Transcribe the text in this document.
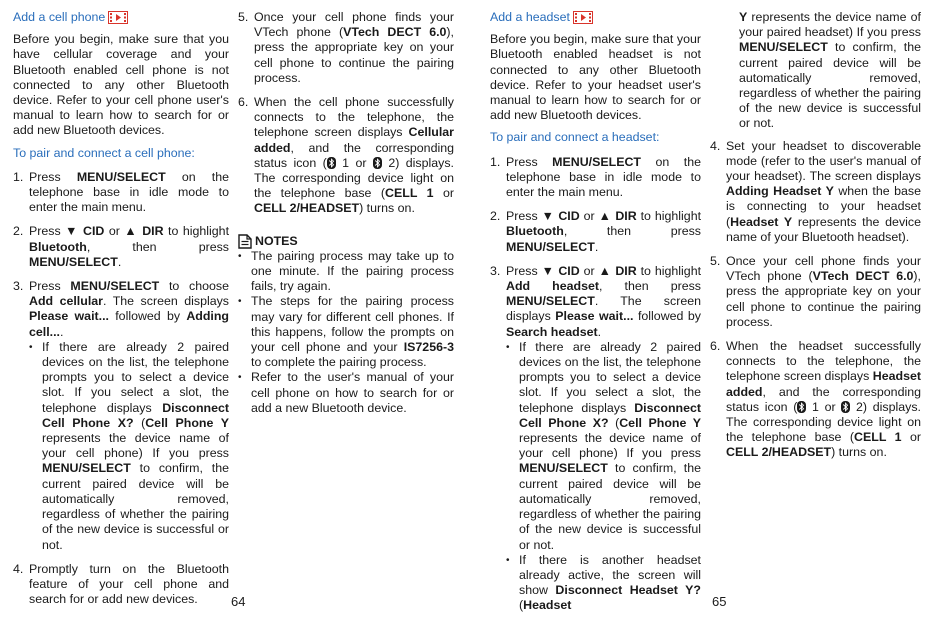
Add a cell phone

Before you begin, make sure that you have cellular coverage and your Bluetooth enabled cell phone is not connected to any other Bluetooth device. Refer to your cell phone user's manual to learn how to search for or add new Bluetooth devices.

To pair and connect a cell phone:

1. Press MENU/SELECT on the telephone base in idle mode to enter the main menu.
2. Press ▼ CID or ▲ DIR to highlight Bluetooth, then press MENU/SELECT.
3. Press MENU/SELECT to choose Add cellular. The screen displays Please wait... followed by Adding cell....
• If there are already 2 paired devices on the list, the telephone prompts you to select a device slot. If you select a slot, the telephone displays Disconnect Cell Phone X? (Cell Phone Y represents the device name of your cell phone) If you press MENU/SELECT to confirm, the current paired device will be automatically removed, regardless of whether the pairing of the new device is successful or not.
4. Promptly turn on the Bluetooth feature of your cell phone and search for or add new devices.
5. Once your cell phone finds your VTech phone (VTech DECT 6.0), press the appropriate key on your cell phone to continue the pairing process.
6. When the cell phone successfully connects to the telephone, the telephone screen displays Cellular added, and the corresponding status icon ( 1 or  2) displays. The corresponding device light on the telephone base (CELL 1 or CELL 2/HEADSET) turns on.

NOTES

• The pairing process may take up to one minute. If the pairing process fails, try again.
• The steps for the pairing process may vary for different cell phones. If this happens, follow the prompts on your cell phone and your IS7256-3 to complete the pairing process.
• Refer to the user's manual of your cell phone on how to search for or add a new Bluetooth device.

Add a headset

Before you begin, make sure that your Bluetooth enabled headset is not connected to any other Bluetooth device. Refer to your headset user's manual to learn how to search for or add new Bluetooth devices.

To pair and connect a headset:

1. Press MENU/SELECT on the telephone base in idle mode to enter the main menu.
2. Press ▼ CID or ▲ DIR to highlight Bluetooth, then press MENU/SELECT.
3. Press ▼ CID or ▲ DIR to highlight Add headset, then press MENU/SELECT. The screen displays Please wait... followed by Search headset.
• If there are already 2 paired devices on the list, the telephone prompts you to select a device slot. If you select a slot, the telephone displays Disconnect Cell Phone X? (Cell Phone Y represents the device name of your cell phone) If you press MENU/SELECT to confirm, the current paired device will be automatically removed, regardless of whether the pairing of the new device is successful or not.
• If there is another headset already active, the screen will show Disconnect Headset Y? (Headset

Y represents the device name of your paired headset) If you press MENU/SELECT to confirm, the current paired device will be automatically removed, regardless of whether the pairing of the new device is successful or not.

4. Set your headset to discoverable mode (refer to the user's manual of your headset). The screen displays Adding Headset Y when the base is connecting to your headset (Headset Y represents the device name of your Bluetooth headset).
5. Once your cell phone finds your VTech phone (VTech DECT 6.0), press the appropriate key on your cell phone to continue the pairing process.
6. When the headset successfully connects to the telephone, the telephone screen displays Headset added, and the corresponding status icon ( 1 or  2) displays. The corresponding device light on the telephone base (CELL 1 or CELL 2/HEADSET) turns on.
64	65
